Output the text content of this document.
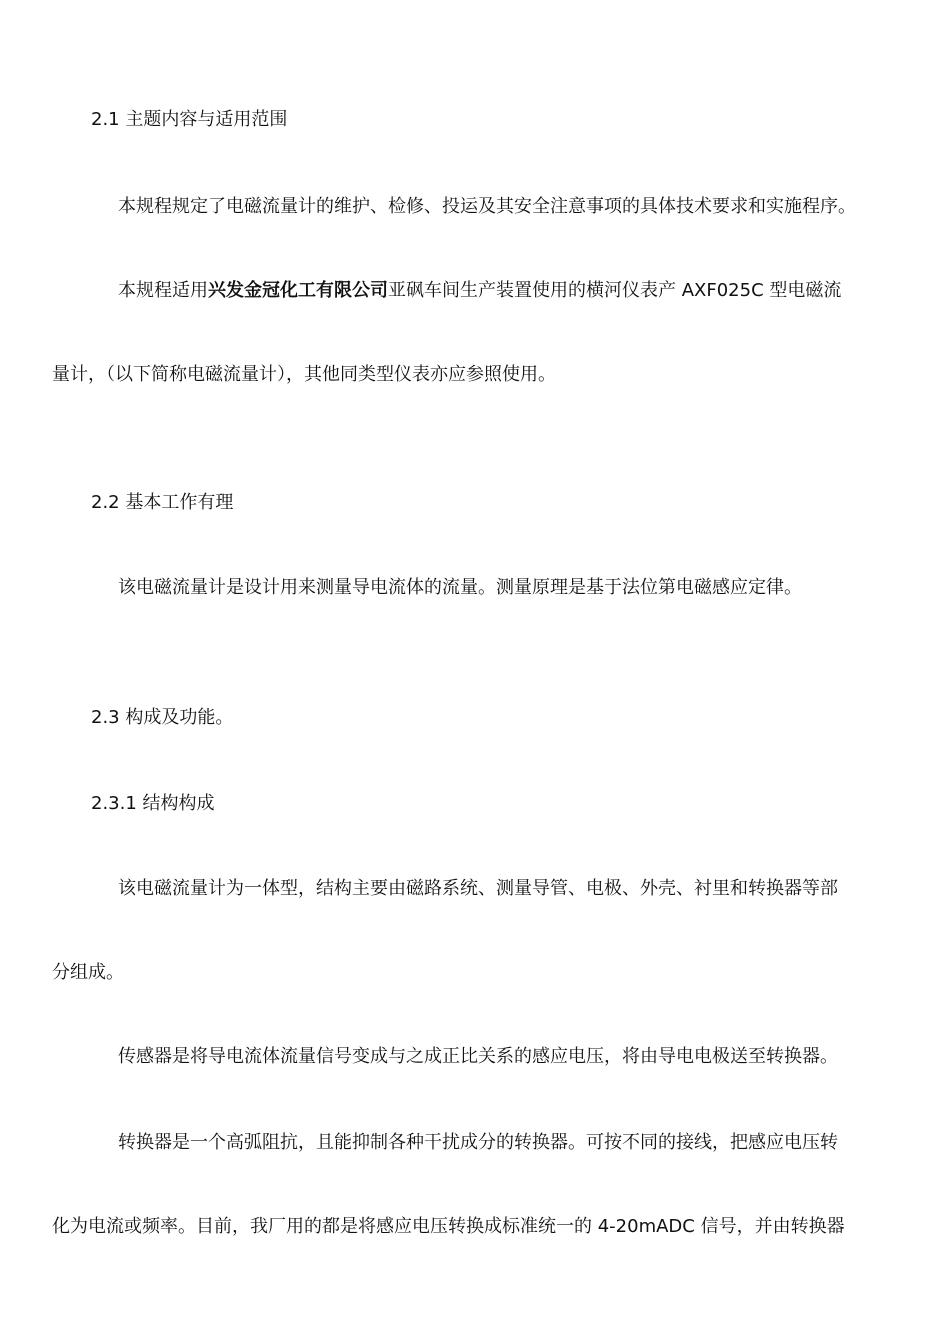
2.1 主题内容与适用范围
本规程规定了电磁流量计的维护、检修、投运及其安全注意事项的具体技术要求和实施程序。
本规程适用兴发金冠化工有限公司亚砜车间生产装置使用的横河仪表产 AXF025C 型电磁流
量计，（以下简称电磁流量计），其他同类型仪表亦应参照使用。
2.2 基本工作有理
该电磁流量计是设计用来测量导电流体的流量。测量原理是基于法位第电磁感应定律。
2.3 构成及功能。
2.3.1 结构构成
该电磁流量计为一体型，结构主要由磁路系统、测量导管、电极、外壳、衬里和转换器等部
分组成。
传感器是将导电流体流量信号变成与之成正比关系的感应电压，将由导电电极送至转换器。
转换器是一个高弧阻抗，且能抑制各种干扰成分的转换器。可按不同的接线，把感应电压转
化为电流或频率。目前，我厂用的都是将感应电压转换成标准统一的 4-20mADC 信号，并由转换器
